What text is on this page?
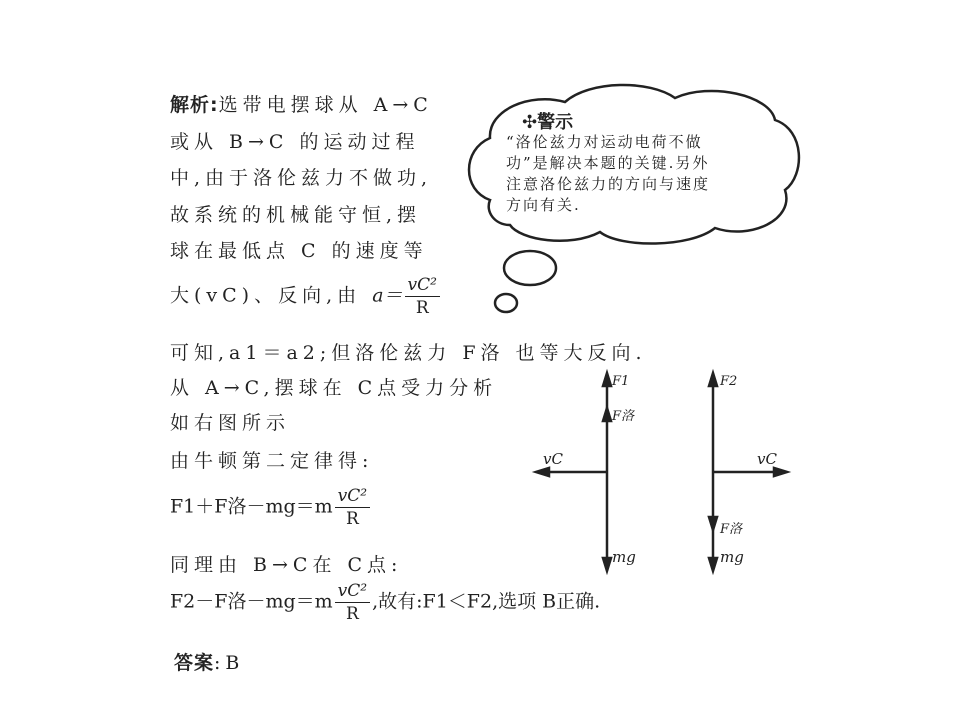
解析:选带电摆球从 A→C
或从 B→C 的运动过程
中,由于洛伦兹力不做功,
故系统的机械能守恒,摆
球在最低点 C 的速度等
大(vC)、反向,由 $a= \frac{\text{vC²}}{R}$
可知,a1＝a2;但洛伦兹力 F洛 也等大反向.
从 A→C,摆球在 C点受力分析
如右图所示
由牛顿第二定律得:
F1＋F洛$-mg=m \frac{\text{vC²}}{R}$
同理由 B→C在 C点:
F2－F洛$-mg=m \frac{\text{vC²}}{R}$ ,故有:F1＜F2,选项 B正确.
答案:B
✣警示
“洛伦兹力对运动电荷不做
功”是解决本题的关键.另外
注意洛伦兹力的方向与速度
方向有关.
F1
F洛
vC
mg
F2
F洛
vC
mg
